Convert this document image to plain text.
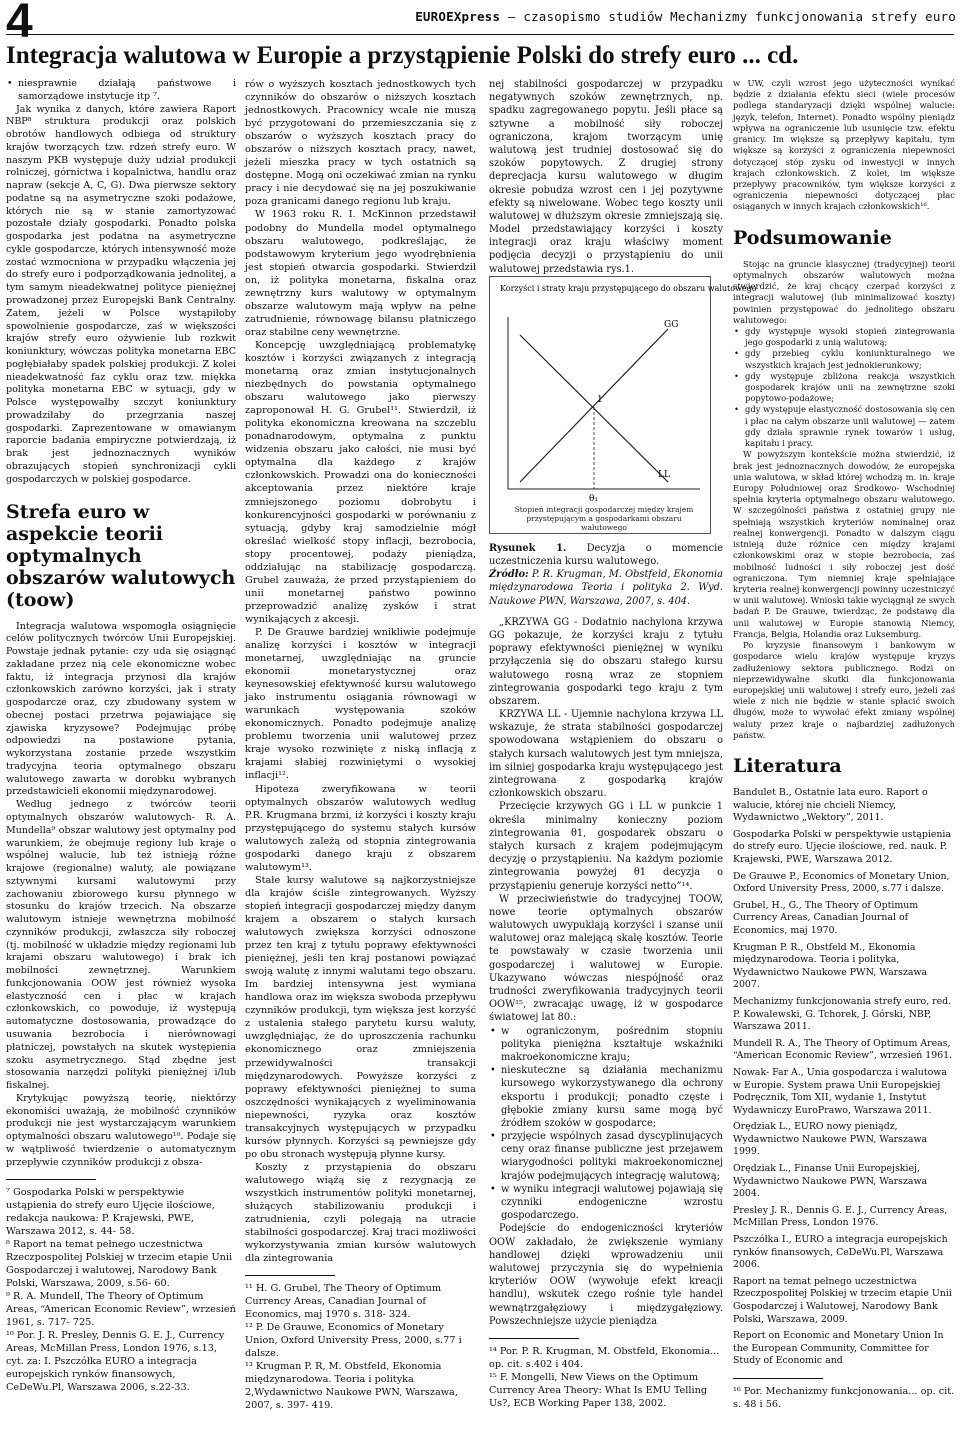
4	EUROEXpress – czasopismo studiów Mechanizmy funkcjonowania strefy euro
Integracja walutowa w Europie a przystąpienie Polski do strefy euro ... cd.
• niesprawnie działają państwowe i samorządowe instytucje itp ⁷.

Jak wynika z danych, które zawiera Raport NBP⁸ struktura produkcji oraz polskich obrotów handlowych odbiega od struktury krajów tworzących tzw. rdzeń strefy euro. W naszym PKB występuje duży udział produkcji rolniczej, górnictwa i kopalnictwa, handlu oraz napraw (sekcje A, C, G). Dwa pierwsze sektory podatne są na asymetryczne szoki podażowe, których nie są w stanie zamortyzować pozostałe działy gospodarki. Ponadto polska gospodarka jest podatna na asymetryczne cykle gospodarcze, których intensywność może zostać wzmocniona w przypadku włączenia jej do strefy euro i podporządkowania jednolitej, a tym samym nieadekwatnej polityce pieniężnej prowadzonej przez Europejski Bank Centralny. Zatem, jeżeli w Polsce wystąpiłoby spowolnienie gospodarcze, zaś w większości krajów strefy euro ożywienie lub rozkwit koniunktury, wówczas polityka monetarna EBC pogłębiałaby spadek polskiej produkcji. Z kolei nieadekwatność faz cyklu oraz tzw. miękka polityka monetarna EBC w sytuacji, gdy w Polsce występowałby szczyt koniunktury prowadziłaby do przegrzania naszej gospodarki. Zaprezentowane w omawianym raporcie badania empiryczne potwierdzają, iż brak jest jednoznacznych wyników obrazujących stopień synchronizacji cykli gospodarczych w polskiej gospodarce.

Strefa euro w aspekcie teorii optymalnych obszarów walutowych (toow)

Integracja walutowa wspomogła osiągnięcie celów politycznych twórców Unii Europejskiej. Powstaje jednak pytanie: czy uda się osiągnąć zakładane przez nią cele ekonomiczne wobec faktu, iż integracja przynosi dla krajów członkowskich zarówno korzyści, jak i straty gospodarcze oraz, czy zbudowany system w obecnej postaci przetrwa pojawiające się zjawiska kryzysowe? Podejmując próbę odpowiedzi na postawione pytania, wykorzystana zostanie przede wszystkim tradycyjna teoria optymalnego obszaru walutowego zawarta w dorobku wybranych przedstawicieli ekonomii międzynarodowej.

Według jednego z twórców teorii optymalnych obszarów walutowych- R. A. Mundella⁹ obszar walutowy jest optymalny pod warunkiem, że obejmuje regiony lub kraje o wspólnej walucie, lub też istnieją różne krajowe (regionalne) waluty, ale powiązane sztywnymi kursami walutowymi przy zachowaniu zbiorowego kursu płynnego w stosunku do krajów trzecich. Na obszarze walutowym istnieje wewnętrzna mobilność czynników produkcji, zwłaszcza siły roboczej (tj. mobilność w układzie między regionami lub krajami obszaru walutowego) i brak ich mobilności zewnętrznej. Warunkiem funkcjonowania OOW jest również wysoka elastyczność cen i płac w krajach członkowskich, co powoduje, iż występują automatyczne dostosowania, prowadzące do usuwania bezrobocia i nierównowagi płatniczej, powstałych na skutek występienia szoku asymetrycznego. Stąd zbędne jest stosowania narzędzi polityki pieniężnej i/lub fiskalnej.

Krytykując powyższą teorię, niektórzy ekonomiści uważają, że mobilność czynników produkcji nie jest wystarczającym warunkiem optymalności obszaru walutowego¹⁰. Podaje się w wątpliwość twierdzenie o automatycznym przepływie czynników produkcji z obsza-

⁷ Gospodarka Polski w perspektywie ustąpienia do strefy euro Ujęcie ilościowe, redakcja naukowa: P. Krajewski, PWE, Warszawa 2012, s. 44- 58.

⁸ Raport na temat pełnego uczestnictwa Rzeczpospolitej Polskiej w trzecim etapie Unii Gospodarczej i walutowej, Narodowy Bank Polski, Warszawa, 2009, s.56- 60.

⁹ R. A. Mundell, The Theory of Optimum Areas, “American Economic Review”, wrzesień 1961, s. 717- 725.

¹⁰ Por. J. R. Presley, Dennis G. E. J., Currency Areas, McMillan Press, London 1976, s.13, cyt. za: I. Pszczółka EURO a integracja europejskich rynków finansowych, CeDeWu.Pl, Warszawa 2006, s.22-33.

rów o wyższych kosztach jednostkowych tych czynników do obszarów o niższych kosztach jednostkowych. Pracownicy wcale nie muszą być przygotowani do przemieszczania się z obszarów o wyższych kosztach pracy do obszarów o niższych kosztach pracy, nawet, jeżeli mieszka pracy w tych ostatnich są dostępne. Mogą oni oczekiwać zmian na rynku pracy i nie decydować się na jej poszukiwanie poza granicami danego regionu lub kraju.

W 1963 roku R. I. McKinnon przedstawił podobny do Mundella model optymalnego obszaru walutowego, podkreślając, że podstawowym kryterium jego wyodrębnienia jest stopień otwarcia gospodarki. Stwierdził on, iż polityka monetarna, fiskalna oraz zewnętrzny kurs walutowy w optymalnym obszarze walutowym mają wpływ na pełne zatrudnienie, równowagę bilansu płatniczego oraz stabilne ceny wewnętrzne.

Koncepcję uwzględniającą problematykę kosztów i korzyści związanych z integracją monetarną oraz zmian instytucjonalnych niezbędnych do powstania optymalnego obszaru walutowego jako pierwszy zaproponował H. G. Grubel¹¹. Stwierdził, iż polityka ekonomiczna kreowana na szczeblu ponadnarodowym, optymalna z punktu widzenia obszaru jako całości, nie musi być optymalna dla każdego z krajów członkowskich. Prowadzi ona do konieczności akceptowania przez niektóre kraje zmniejszonego poziomu dobrobytu i konkurencyjności gospodarki w porównaniu z sytuacją, gdyby kraj samodzielnie mógł określać wielkość stopy inflacji, bezrobocia, stopy procentowej, podaży pieniądza, oddziałując na stabilizację gospodarczą. Grubel zauważa, że przed przystąpieniem do unii monetarnej państwo powinno przeprowadzić analizę zysków i strat wynikających z akcesji.

P. De Grauwe bardziej wnikliwie podejmuje analizę korzyści i kosztów w integracji monetarnej, uwzględniając na gruncie ekonomii monetarystycznej oraz keynesowskiej efektywność kursu walutowego jako instrumentu osiągania równowagi w warunkach występowania szoków ekonomicznych. Ponadto podejmuje analizę problemu tworzenia unii walutowej przez kraje wysoko rozwinięte z niską inflacją z krajami słabiej rozwiniętymi o wysokiej inflacji¹².

Hipoteza zweryfikowana w teorii optymalnych obszarów walutowych według P.R. Krugmana brzmi, iż korzyści i koszty kraju przystępującego do systemu stałych kursów walutowych zależą od stopnia zintegrowania gospodarki danego kraju z obszarem walutowym¹³.

Stałe kursy walutowe są najkorzystniejsze dla krajów ściśle zintegrowanych. Wyższy stopień integracji gospodarczej między danym krajem a obszarem o stałych kursach walutowych zwiększa korzyści odnoszone przez ten kraj z tytułu poprawy efektywności pieniężnej, jeśli ten kraj postanowi powiązać swoją walutę z innymi walutami tego obszaru. Im bardziej intensywna jest wymiana handlowa oraz im większa swoboda przepływu czynników produkcji, tym większa jest korzyść z ustalenia stałego parytetu kursu waluty, uwzględniając, że do uproszczenia rachunku ekonomicznego oraz zmniejszenia przewidywalności transakcji międzynarodowych. Powyższe korzyści z poprawy efektywności pieniężnej to suma oszczędności wynikających z wyeliminowania niepewności, ryzyka oraz kosztów transakcyjnych występujących w przypadku kursów płynnych. Korzyści są pewniejsze gdy po obu stronach występują płynne kursy.

Koszty z przystąpienia do obszaru walutowego wiążą się z rezygnacją ze wszystkich instrumentów polityki monetarnej, służących stabilizowaniu produkcji i zatrudnienia, czyli polegają na utracie stabilności gospodarczej. Kraj traci możliwości wykorzystywania zmian kursów walutowych dla zintegrowania

¹¹ H. G. Grubel, The Theory of Optimum Currency Areas, Canadian Journal of Economics, maj 1970 s. 318- 324.

¹² P. De Grauwe, Economics of Monetary Union, Oxford University Press, 2000, s.77 i dalsze.

¹³ Krugman P. R, M. Obstfeld, Ekonomia międzynarodowa. Teoria i polityka 2,Wydawnictwo Naukowe PWN, Warszawa, 2007, s. 397- 419.

nej stabilności gospodarczej w przypadku negatywnych szoków zewnętrznych, np. spadku zagregowanego popytu. Jeśli płace są sztywne a mobilność siły roboczej ograniczona, krajom tworzącym unię walutową jest trudniej dostosować się do szoków popytowych. Z drugiej strony deprecjacja kursu walutowego w długim okresie pobudza wzrost cen i jej pozytywne efekty są niwelowane. Wobec tego koszty unii walutowej w dłuższym okresie zmniejszają się. Model przedstawiający korzyści i koszty integracji oraz kraju właściwy moment podjęcia decyzji o przystąpieniu do unii walutowej przedstawia rys.1.

Korzyści i straty kraju przystępującego do obszaru walutowego
GG
LL
1
θ₁
Stopień integracji gospodarczej między krajem przystępującym a gospodarkami obszaru walutowego

Rysunek 1. Decyzja o momencie uczestniczenia kursu walutowego.

Źródło: P. R. Krugman, M. Obstfeld, Ekonomia międzynarodowa Teoria i polityka 2. Wyd. Naukowe PWN, Warszawa, 2007, s. 404.

„KRZYWA GG - Dodatnio nachylona krzywa GG pokazuje, że korzyści kraju z tytułu poprawy efektywności pieniężnej w wyniku przyłączenia się do obszaru stałego kursu walutowego rosną wraz ze stopniem zintegrowania gospodarki tego kraju z tym obszarem.

KRZYWA LL - Ujemnie nachylona krzywa LL wskazuje, że strata stabilności gospodarczej spowodowana wstąpieniem do obszaru o stałych kursach walutowych jest tym mniejsza, im silniej gospodarka kraju występującego jest zintegrowana z gospodarką krajów członkowskich obszaru.

Przecięcie krzywych GG i LL w punkcie 1 określa minimalny konieczny poziom zintegrowania θ1, gospodarek obszaru o stałych kursach z krajem podejmującym decyzję o przystąpieniu. Na każdym poziomie zintegrowania powyżej θ1 decyzja o przystąpieniu generuje korzyści netto”¹⁴.

W przeciwieństwie do tradycyjnej TOOW, nowe teorie optymalnych obszarów walutowych uwypuklają korzyści i szanse unii walutowej oraz malejącą skalę kosztów. Teorie te powstawały w czasie tworzenia unii gospodarczej i walutowej w Europie. Ukazywano wówczas niespójność oraz trudności zweryfikowania tradycyjnych teorii OOW¹⁵, zwracając uwagę, iż w gospodarce światowej lat 80.:

• w ograniczonym, pośrednim stopniu polityka pieniężna kształtuje wskaźniki makroekonomiczne kraju;
• nieskuteczne są działania mechanizmu kursowego wykorzystywanego dla ochrony eksportu i produkcji; ponadto częste i głębokie zmiany kursu same mogą być źródłem szoków w gospodarce;
• przyjęcie wspólnych zasad dyscyplinujących ceny oraz finanse publiczne jest przejawem wiarygodności polityki makroekonomicznej krajów podejmujących integrację walutową;
• w wyniku integracji walutowej pojawiają się czynniki endogeniczne wzrostu gospodarczego.

Podejście do endogeniczności kryteriów OOW zakładało, że zwiększenie wymiany handlowej dzięki wprowadzeniu unii walutowej przyczynia się do wypełnienia kryteriów OOW (wywołuje efekt kreacji handlu), wskutek czego rośnie tyle handel wewnątrzgałęziowy i międzygałęziowy. Powszechniejsze użycie pieniądza

¹⁴ Por. P. R. Krugman, M. Obstfeld, Ekonomia... op. cit. s.402 i 404.

¹⁵ F. Mongelli, New Views on the Optimum Currency Area Theory: What Is EMU Telling Us?, ECB Working Paper 138, 2002.

w UW, czyli wzrost jego użyteczności wynikać będzie z działania efektu sieci (wiele procesów podlega standaryzacji dzięki wspólnej walucie: język, telefon, Internet). Ponadto wspólny pieniądz wpływa na ograniczenie lub usunięcie tzw. efektu granicy. Im większe są przepływy kapitału, tym większe są korzyści z ograniczenia niepewności dotyczącej stóp zysku od inwestycji w innych krajach członkowskich. Z kolei, im większe przepływy pracowników, tym większe korzyści z ograniczenia niepewności dotyczącej płac osiąganych w innych krajach członkowskich¹⁶.

Podsumowanie

Stojąc na gruncie klasycznej (tradycyjnej) teorii optymalnych obszarów walutowych można stwierdzić, że kraj chcący czerpać korzyści z integracji walutowej (lub minimalizować koszty) powinien przystępować do jednolitego obszaru walutowego:

• gdy występuje wysoki stopień zintegrowania jego gospodarki z unią walutową;
• gdy przebieg cyklu koniunkturalnego we wszystkich krajach jest jednokierunkowy;
• gdy występuje zbliżona reakcja wszystkich gospodarek krajów unii na zewnętrzne szoki popytowo-podażowe;
• gdy występuje elastyczność dostosowania się cen i płac na całym obszarze unii walutowej — zatem gdy działa sprawnie rynek towarów i usług, kapitału i pracy.

W powyższym kontekście można stwierdzić, iż brak jest jednoznacznych dowodów, że europejska unia walutowa, w skład której wchodzą m. in. kraje Europy Południowej oraz Środkowo- Wschodniej spełnia kryteria optymalnego obszaru walutowego. W szczególności państwa z ostatniej grupy nie spełniają wszystkich kryteriów nominalnej oraz realnej konwergencji. Ponadto w dalszym ciągu istnieją duże różnice cen między krajami członkowskimi oraz w stopie bezrobocia, zaś mobilność ludności i siły roboczej jest dość ograniczona. Tym niemniej kraje spełniające kryteria realnej konwergencji powinny uczestniczyć w unii walutowej. Wnioski takie wyciągnął ze swych badań P. De Grauwe, twierdząc, że podstawę dla unii walutowej w Europie stanowią Niemcy, Francja, Belgia, Holandia oraz Luksemburg.

Po kryzysie finansowym i bankowym w gospodarce wielu krajów występuje kryzys zadłużeniowy sektora publicznego. Rodzi on nieprzewidywalne skutki dla funkcjonowania europejskiej unii walutowej i strefy euro, jeżeli zaś wiele z nich nie będzie w stanie spłacić swoich długów, może to wywołać efekt zmiany wspólnej waluty przez kraje o najbardziej zadłużonych państw.

Literatura

Bandulet B., Ostatnie lata euro. Raport o walucie, której nie chcieli Niemcy, Wydawnictwo „Wektory”, 2011.

Gospodarka Polski w perspektywie ustąpienia do strefy euro. Ujęcie ilościowe, red. nauk. P. Krajewski, PWE, Warszawa 2012.

De Grauwe P., Economics of Monetary Union, Oxford University Press, 2000, s.77 i dalsze.

Grubel, H., G., The Theory of Optimum Currency Areas, Canadian Journal of Economics, maj 1970.

Krugman P. R., Obstfeld M., Ekonomia międzynarodowa. Teoria i polityka, Wydawnictwo Naukowe PWN, Warszawa 2007.

Mechanizmy funkcjonowania strefy euro, red. P. Kowalewski, G. Tchorek, J. Górski, NBP, Warszawa 2011.

Mundell R. A., The Theory of Optimum Areas, “American Economic Review”, wrzesień 1961.

Nowak- Far A., Unia gospodarcza i walutowa w Europie. System prawa Unii Europejskiej Podręcznik, Tom XII, wydanie 1, Instytut Wydawniczy EuroPrawo, Warszawa 2011.

Orędziak L., EURO nowy pieniądz, Wydawnictwo Naukowe PWN, Warszawa 1999.

Orędziak L., Finanse Unii Europejskiej, Wydawnictwo Naukowe PWN, Warszawa 2004.

Presley J. R., Dennis G. E. J., Currency Areas, McMillan Press, London 1976.

Pszczółka I., EURO a integracja europejskich rynków finansowych, CeDeWu.Pl, Warszawa 2006.

Raport na temat pełnego uczestnictwa Rzeczpospolitej Polskiej w trzecim etapie Unii Gospodarczej i Walutowej, Narodowy Bank Polski, Warszawa, 2009.

Report on Economic and Monetary Union In the European Community, Committee for Study of Economic and

¹⁶ Por. Mechanizmy funkcjonowania... op. cit. s. 48 i 56.
